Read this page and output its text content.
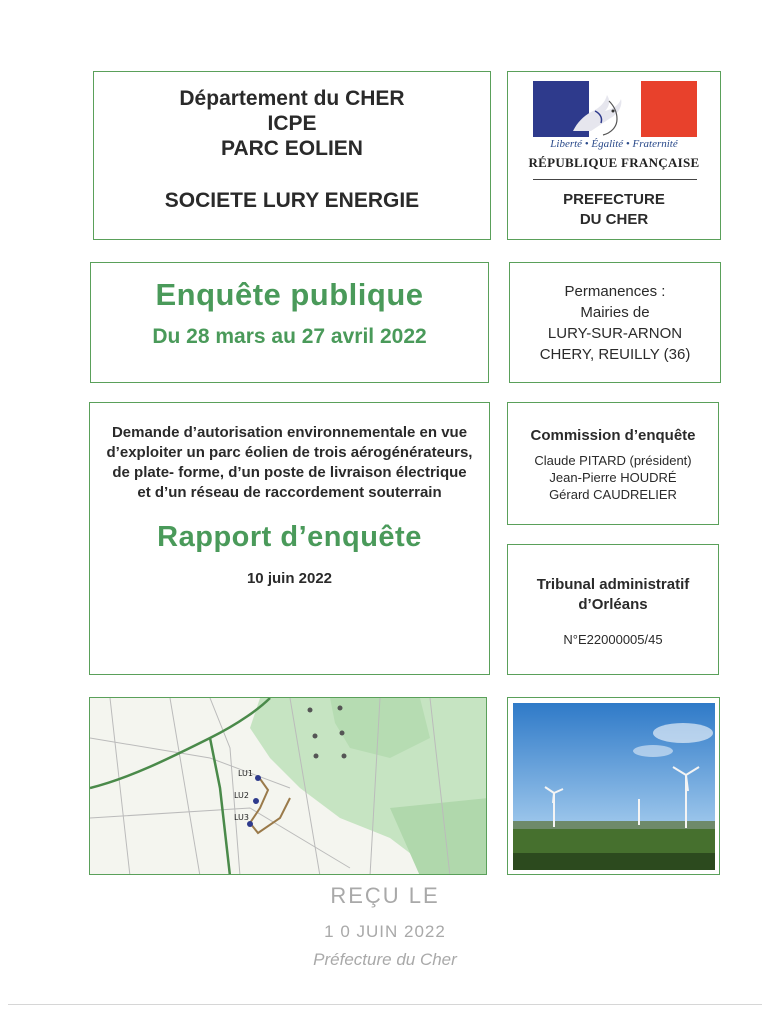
Département du CHER
ICPE
PARC EOLIEN
SOCIETE LURY ENERGIE
Liberté • Égalité • Fraternité
RÉPUBLIQUE FRANÇAISE
PREFECTURE
DU CHER
Enquête publique
Du 28 mars au 27 avril 2022
Permanences :
Mairies de
LURY-SUR-ARNON
CHERY, REUILLY (36)
Demande d’autorisation environnementale en vue d’exploiter un parc éolien de trois aérogénérateurs, de plate- forme, d’un poste de livraison électrique et d’un réseau de raccordement souterrain
Rapport d’enquête
10 juin 2022
Commission d’enquête
Claude PITARD (président)
Jean-Pierre HOUDRÉ
Gérard CAUDRELIER
Tribunal administratif
d’Orléans
N°E22000005/45
LU1
LU2
LU3
REÇU LE
1 0 JUIN 2022
Préfecture du Cher
